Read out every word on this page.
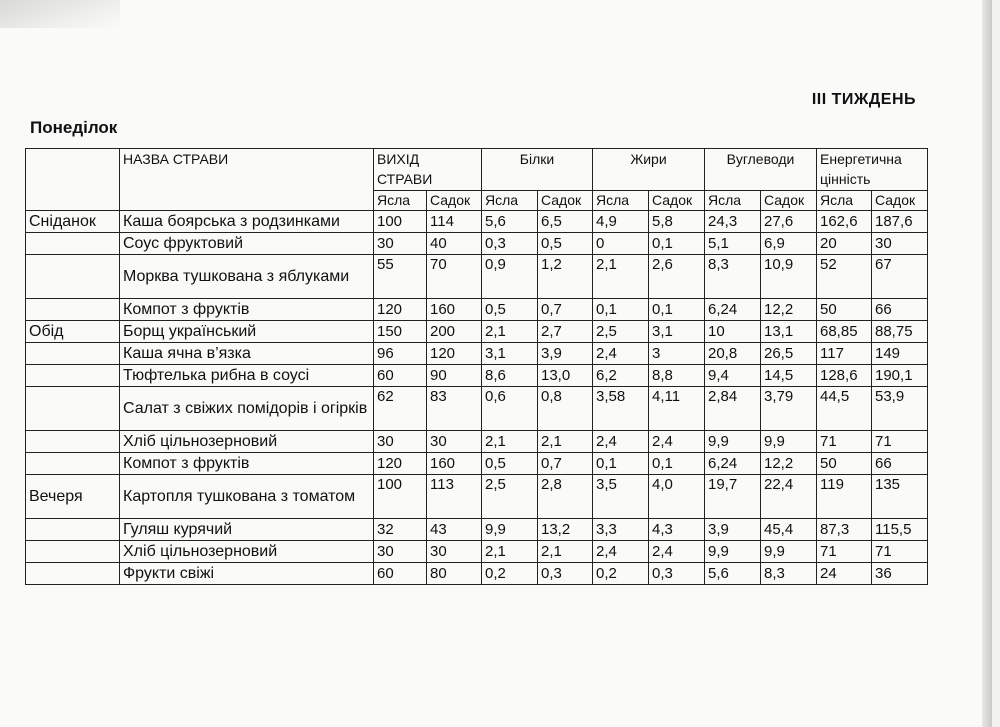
ІІІ ТИЖДЕНЬ
Понеділок
	НАЗВА СТРАВИ	ВИХІД СТРАВИ		Білки		Жири		Вуглеводи		Енергетична цінність	
		Ясла	Садок	Ясла	Садок	Ясла	Садок	Ясла	Садок	Ясла	Садок
Сніданок	Каша боярська з родзинками	100	114	5,6	6,5	4,9	5,8	24,3	27,6	162,6	187,6
	Соус фруктовий	30	40	0,3	0,5	0	0,1	5,1	6,9	20	30
	Морква тушкована з яблуками	55	70	0,9	1,2	2,1	2,6	8,3	10,9	52	67
	Компот з фруктів	120	160	0,5	0,7	0,1	0,1	6,24	12,2	50	66
Обід	Борщ український	150	200	2,1	2,7	2,5	3,1	10	13,1	68,85	88,75
	Каша ячна в’язка	96	120	3,1	3,9	2,4	3	20,8	26,5	117	149
	Тюфтелька рибна в соусі	60	90	8,6	13,0	6,2	8,8	9,4	14,5	128,6	190,1
	Салат з свіжих помідорів і огірків	62	83	0,6	0,8	3,58	4,11	2,84	3,79	44,5	53,9
	Хліб цільнозерновий	30	30	2,1	2,1	2,4	2,4	9,9	9,9	71	71
	Компот з фруктів	120	160	0,5	0,7	0,1	0,1	6,24	12,2	50	66
Вечеря	Картопля тушкована з томатом	100	113	2,5	2,8	3,5	4,0	19,7	22,4	119	135
	Гуляш курячий	32	43	9,9	13,2	3,3	4,3	3,9	45,4	87,3	115,5
	Хліб цільнозерновий	30	30	2,1	2,1	2,4	2,4	9,9	9,9	71	71
	Фрукти свіжі	60	80	0,2	0,3	0,2	0,3	5,6	8,3	24	36
